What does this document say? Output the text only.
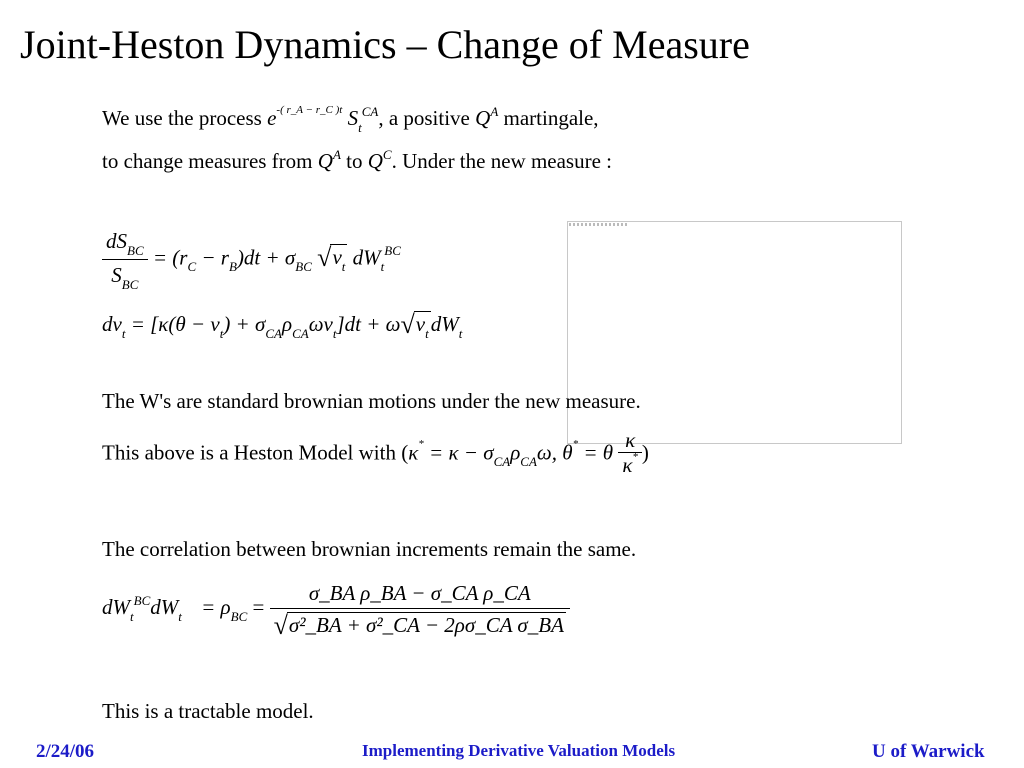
Joint-Heston Dynamics – Change of Measure
We use the process $e^{-( r\_A - r\_C )t}$ $S_t^{CA}$, a positive $Q^A$ martingale,
to change measures from $Q^A$ to $Q^C$. Under the new measure :
$\frac{dS_{BC}}{S_{BC}} = (r_C - r_B)dt + \sigma_{BC}$ $√v_t$ $dW_t^{BC}$
$dv_t = [\kappa(\theta - v_t) + \sigma_{CA}\rho_{CA}\omega v_t]dt + \omega√v_tdW_t$
The W's are standard brownian motions under the new measure.
This above is a Heston Model with ($\kappa^* = \kappa - \sigma_{CA}\rho_{CA}\omega$, θ* = θ $\frac{\kappa}{\kappa^*}$ )
The correlation between brownian increments remain the same.
$dW_t^{BC}dW_t = \rho_{BC} = \frac{\text{σ\_BA ρ\_BA − σ\_CA ρ\_CA}}{\text{√σ²\_BA + σ²\_CA − 2ρσ\_CA σ\_BA}}$
This is a tractable model.
2/24/06	Implementing Derivative Valuation Models	U of Warwick
